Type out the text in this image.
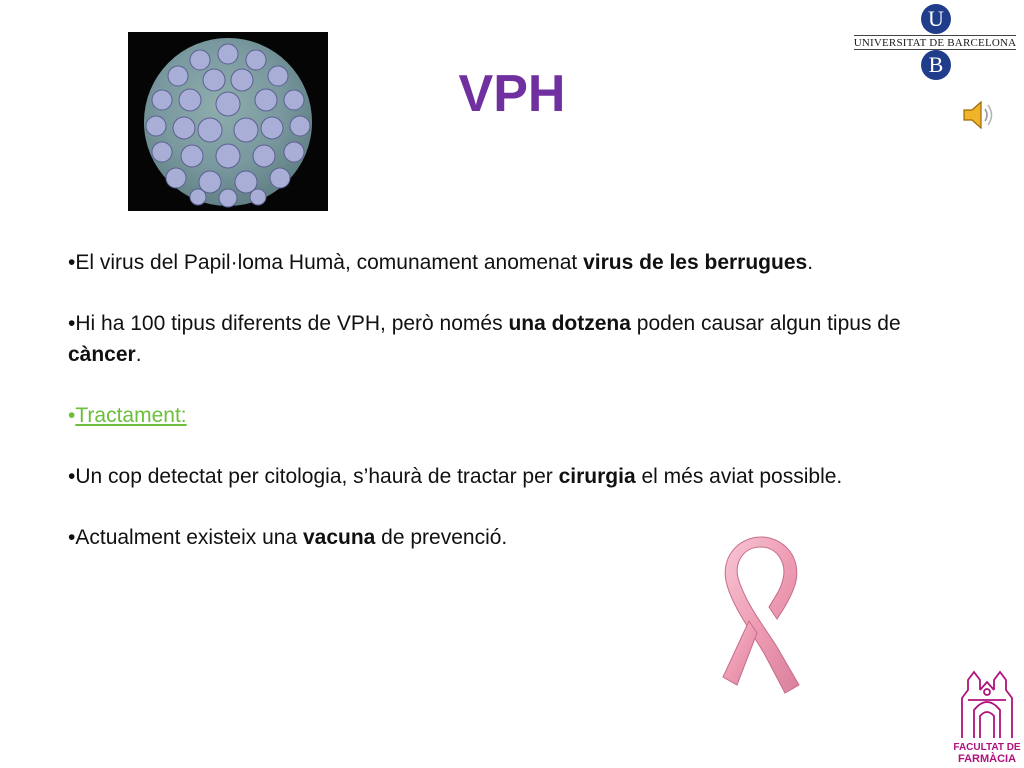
VPH
U
UNIVERSITAT DE BARCELONA
B

•El virus del Papil·loma Humà, comunament anomenat virus de les berrugues.

•Hi ha 100 tipus diferents de VPH, però només una dotzena poden causar algun tipus de càncer.

•Tractament:

•Un cop detectat per citologia, s’haurà de tractar per cirurgia el més aviat possible.

•Actualment existeix una vacuna de prevenció.

FACULTAT DE
FARMÀCIA
